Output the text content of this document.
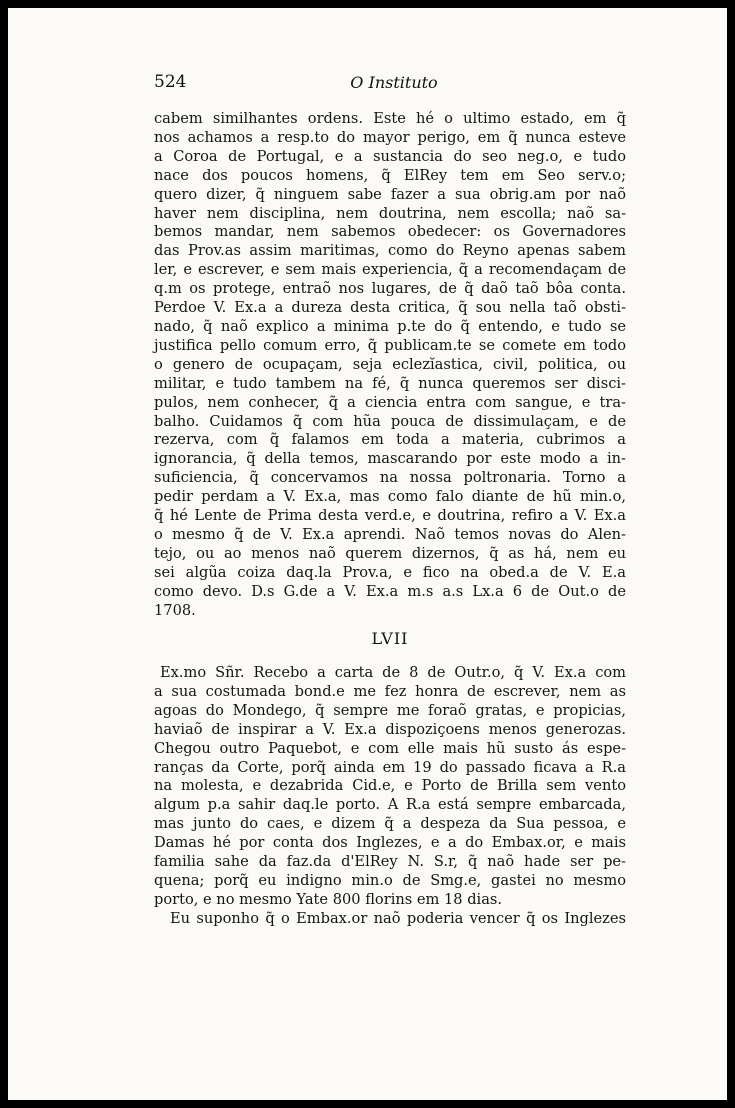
524	O Instituto
cabem similhantes ordens. Este hé o ultimo estado, em q̃
nos achamos a resp.to do mayor perigo, em q̃ nunca esteve
a Coroa de Portugal, e a sustancia do seo neg.o, e tudo
nace dos poucos homens, q̃ ElRey tem em Seo serv.o;
quero dizer, q̃ ninguem sabe fazer a sua obrig.am por naõ
haver nem disciplina, nem doutrina, nem escolla; naõ sa-
bemos mandar, nem sabemos obedecer: os Governadores
das Prov.as assim maritimas, como do Reyno apenas sabem
ler, e escrever, e sem mais experiencia, q̃ a recomendaçam de
q.m os protege, entraõ nos lugares, de q̃ daõ taõ bôa conta.
Perdoe V. Ex.a a dureza desta critica, q̃ sou nella taõ obsti-
nado, q̃ naõ explico a minima p.te do q̃ entendo, e tudo se
justifica pello comum erro, q̃ publicam.te se comete em todo
o genero de ocupaçam, seja eclezĭastica, civil, politica, ou
militar, e tudo tambem na fé, q̃ nunca queremos ser disci-
pulos, nem conhecer, q̃ a ciencia entra com sangue, e tra-
balho. Cuidamos q̃ com hũa pouca de dissimulaçam, e de
rezerva, com q̃ falamos em toda a materia, cubrimos a
ignorancia, q̃ della temos, mascarando por este modo a in-
suficiencia, q̃ concervamos na nossa poltronaria. Torno a
pedir perdam a V. Ex.a, mas como falo diante de hũ min.o,
q̃ hé Lente de Prima desta verd.e, e doutrina, refiro a V. Ex.a
o mesmo q̃ de V. Ex.a aprendi. Naõ temos novas do Alen-
tejo, ou ao menos naõ querem dizernos, q̃ as há, nem eu
sei algũa coiza daq.la Prov.a, e fico na obed.a de V. E.a
como devo. D.s G.de a V. Ex.a m.s a.s Lx.a 6 de Out.o de
1708.
LVII
Ex.mo Sñr. Recebo a carta de 8 de Outr.o, q̃ V. Ex.a com
a sua costumada bond.e me fez honra de escrever, nem as
agoas do Mondego, q̃ sempre me foraõ gratas, e propicias,
haviaõ de inspirar a V. Ex.a dispoziçoens menos generozas.
Chegou outro Paquebot, e com elle mais hũ susto ás espe-
ranças da Corte, porq̃ ainda em 19 do passado ficava a R.a
na molesta, e dezabrida Cid.e, e Porto de Brilla sem vento
algum p.a sahir daq.le porto. A R.a está sempre embarcada,
mas junto do caes, e dizem q̃ a despeza da Sua pessoa, e
Damas hé por conta dos Inglezes, e a do Embax.or, e mais
familia sahe da faz.da d'ElRey N. S.r, q̃ naõ hade ser pe-
quena; porq̃ eu indigno min.o de Smg.e, gastei no mesmo
porto, e no mesmo Yate 800 florins em 18 dias.
Eu suponho q̃ o Embax.or naõ poderia vencer q̃ os Inglezes
